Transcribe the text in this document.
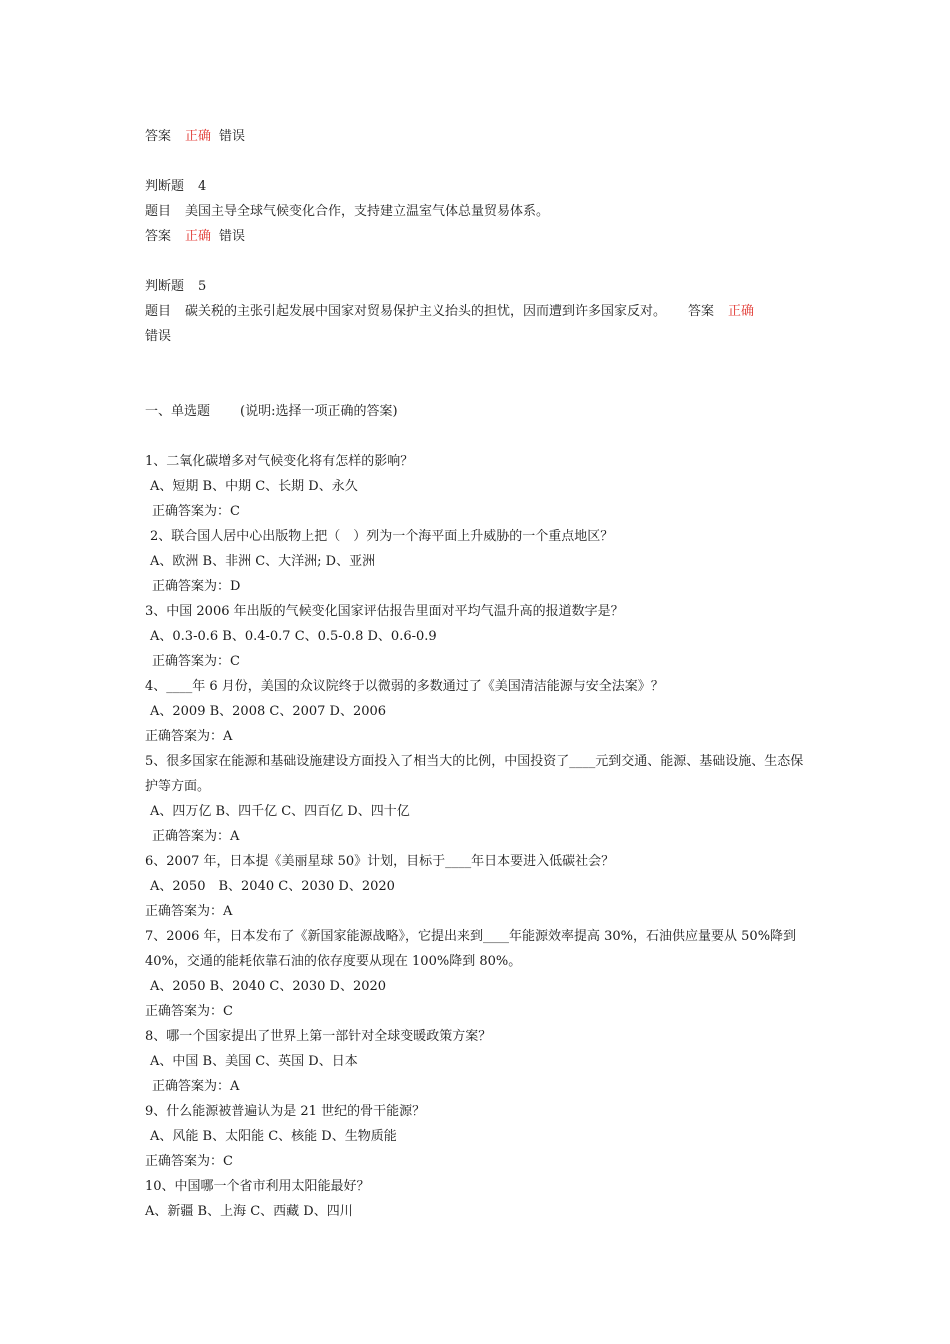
答案 正确 错误
判断题 4
题目 美国主导全球气候变化合作，支持建立温室气体总量贸易体系。
答案 正确 错误
判断题 5
题目 碳关税的主张引起发展中国家对贸易保护主义抬头的担忧，因而遭到许多国家反对。 答案 正确
错误
一、单选题 (说明:选择一项正确的答案)
1、二氧化碳增多对气候变化将有怎样的影响？
A、短期 B、中期 C、长期 D、永久
正确答案为：C
2、联合国人居中心出版物上把（　）列为一个海平面上升威胁的一个重点地区？
A、欧洲 B、非洲 C、大洋洲; D、亚洲
正确答案为：D
3、中国 2006 年出版的气候变化国家评估报告里面对平均气温升高的报道数字是？
A、0.3-0.6 B、0.4-0.7 C、0.5-0.8 D、0.6-0.9
正确答案为：C
4、____年 6 月份，美国的众议院终于以微弱的多数通过了《美国清洁能源与安全法案》？
A、2009 B、2008 C、2007 D、2006
正确答案为：A
5、很多国家在能源和基础设施建设方面投入了相当大的比例，中国投资了____元到交通、能源、基础设施、生态保护等方面。
A、四万亿 B、四千亿 C、四百亿 D、四十亿
正确答案为：A
6、2007 年，日本提《美丽星球 50》计划，目标于____年日本要进入低碳社会？
A、2050　B、2040 C、2030 D、2020
正确答案为：A
7、2006 年，日本发布了《新国家能源战略》，它提出来到____年能源效率提高 30%，石油供应量要从 50%降到 40%，交通的能耗依靠石油的依存度要从现在 100%降到 80%。
A、2050 B、2040 C、2030 D、2020
正确答案为：C
8、哪一个国家提出了世界上第一部针对全球变暖政策方案？
A、中国 B、美国 C、英国 D、日本
正确答案为：A
9、什么能源被普遍认为是 21 世纪的骨干能源？
A、风能 B、太阳能 C、核能 D、生物质能
正确答案为：C
10、中国哪一个省市利用太阳能最好？
A、新疆 B、上海 C、西藏 D、四川
